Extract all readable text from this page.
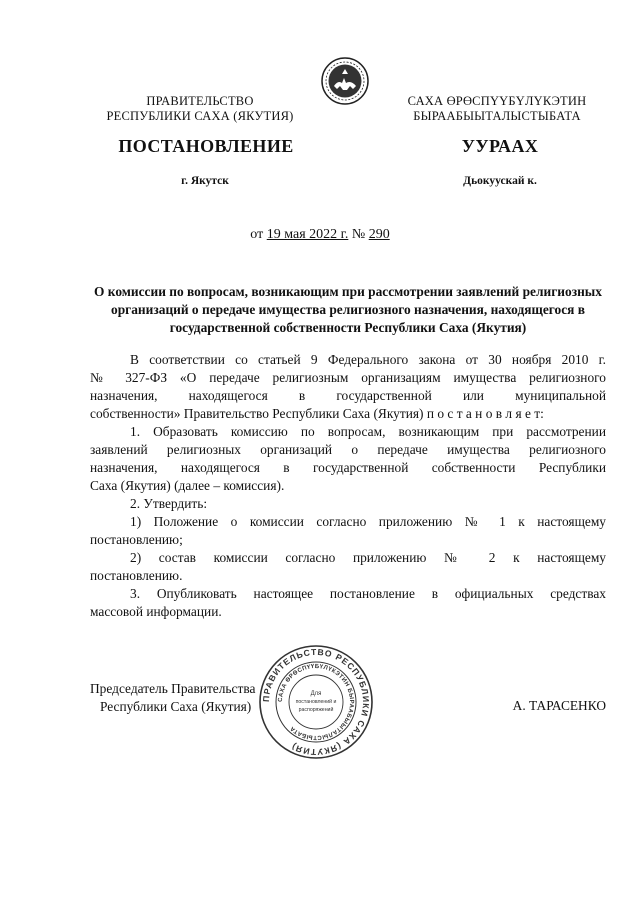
ПРАВИТЕЛЬСТВО
РЕСПУБЛИКИ САХА (ЯКУТИЯ)
САХА ӨРӨСПҮҮБҮЛҮКЭТИН
БЫРААБЫЫТАЛЫСТЫБАТА
ПОСТАНОВЛЕНИЕ	УУРААХ
г. Якутск	Дьокуускай к.
от 19 мая 2022 г. № 290
О комиссии по вопросам, возникающим при рассмотрении заявлений религиозных организаций о передаче имущества религиозного назначения, находящегося в государственной собственности Республики Саха (Якутия)

В соответствии со статьей 9 Федерального закона от 30 ноября 2010 г.

№ 327-ФЗ «О передаче религиозным организациям имущества религиозного

назначения, находящегося в государственной или муниципальной

собственности» Правительство Республики Саха (Якутия) п о с т а н о в л я е т:

1. Образовать комиссию по вопросам, возникающим при рассмотрении

заявлений религиозных организаций о передаче имущества религиозного

назначения, находящегося в государственной собственности Республики

Саха (Якутия) (далее – комиссия).

2. Утвердить:

1) Положение о комиссии согласно приложению № 1 к настоящему

постановлению;

2) состав комиссии согласно приложению № 2 к настоящему

постановлению.

3. Опубликовать настоящее постановление в официальных средствах

массовой информации.

Председатель Правительства
Республики Саха (Якутия)	А. ТАРАСЕНКО
ПРАВИТЕЛЬСТВО РЕСПУБЛИКИ САХА (ЯКУТИЯ)
САХА ӨРӨСПҮҮБҮЛҮКЭТИН БЫРААБЫЫТАЛЫСТЫБАТА
Для
постановлений и
распоряжений
